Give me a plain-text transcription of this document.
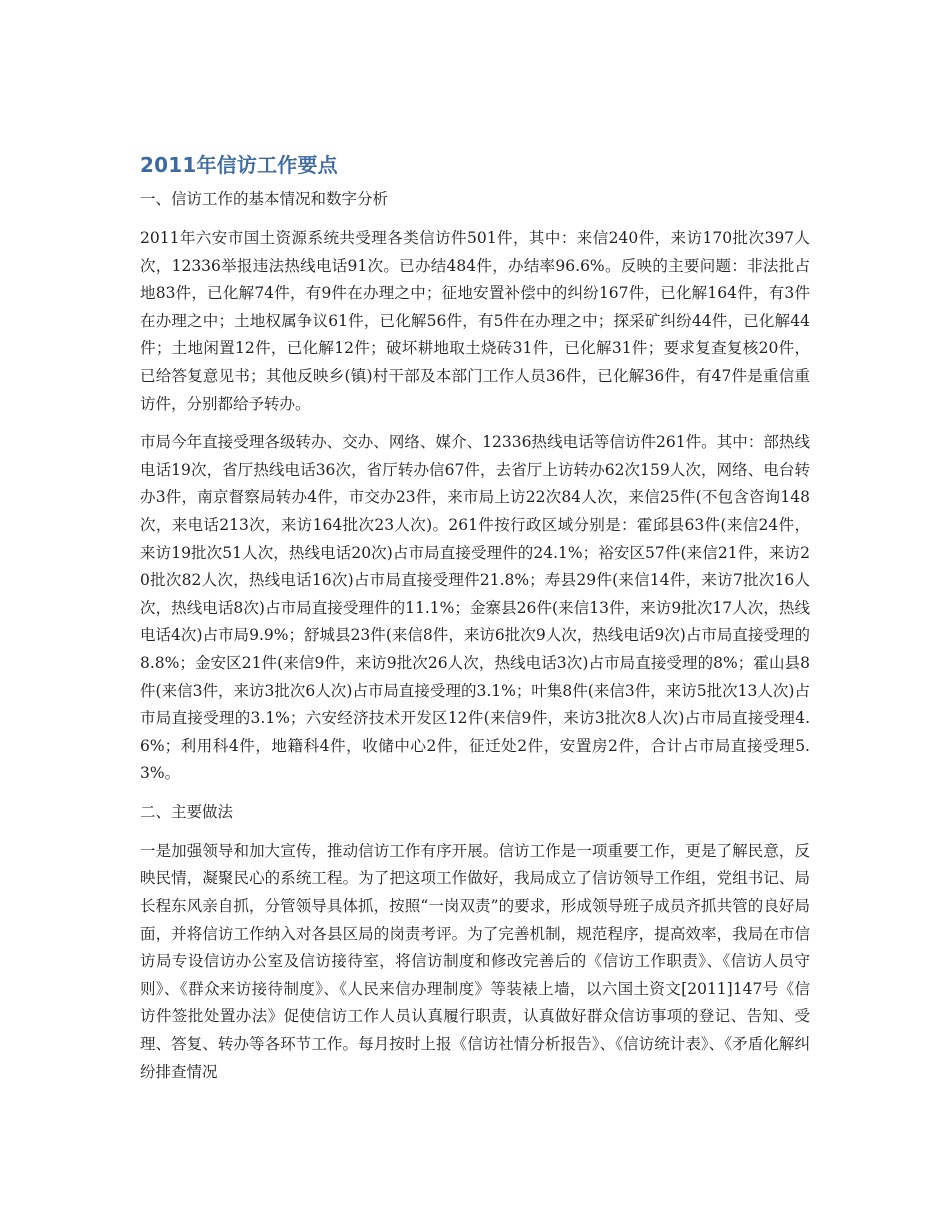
2011年信访工作要点
一、信访工作的基本情况和数字分析

2011年六安市国土资源系统共受理各类信访件501件，其中：来信240件，来访170批次397人次，12336举报违法热线电话91次。已办结484件，办结率96.6%。反映的主要问题：非法批占地83件，已化解74件，有9件在办理之中；征地安置补偿中的纠纷167件，已化解164件，有3件在办理之中；土地权属争议61件，已化解56件，有5件在办理之中；探采矿纠纷44件，已化解44件；土地闲置12件，已化解12件；破坏耕地取土烧砖31件，已化解31件；要求复查复核20件，已给答复意见书；其他反映乡(镇)村干部及本部门工作人员36件，已化解36件，有47件是重信重访件，分别都给予转办。

市局今年直接受理各级转办、交办、网络、媒介、12336热线电话等信访件261件。其中：部热线电话19次，省厅热线电话36次，省厅转办信67件，去省厅上访转办62次159人次，网络、电台转办3件，南京督察局转办4件，市交办23件，来市局上访22次84人次，来信25件(不包含咨询148次，来电话213次，来访164批次23人次)。261件按行政区域分别是：霍邱县63件(来信24件，来访19批次51人次，热线电话20次)占市局直接受理件的24.1%；裕安区57件(来信21件，来访20批次82人次，热线电话16次)占市局直接受理件21.8%；寿县29件(来信14件，来访7批次16人次，热线电话8次)占市局直接受理件的11.1%；金寨县26件(来信13件，来访9批次17人次，热线电话4次)占市局9.9%；舒城县23件(来信8件，来访6批次9人次，热线电话9次)占市局直接受理的8.8%；金安区21件(来信9件，来访9批次26人次，热线电话3次)占市局直接受理的8%；霍山县8件(来信3件，来访3批次6人次)占市局直接受理的3.1%；叶集8件(来信3件，来访5批次13人次)占市局直接受理的3.1%；六安经济技术开发区12件(来信9件，来访3批次8人次)占市局直接受理4.6%；利用科4件，地籍科4件，收储中心2件，征迁处2件，安置房2件，合计占市局直接受理5.3%。

二、主要做法

一是加强领导和加大宣传，推动信访工作有序开展。信访工作是一项重要工作，更是了解民意，反映民情，凝聚民心的系统工程。为了把这项工作做好，我局成立了信访领导工作组，党组书记、局长程东风亲自抓，分管领导具体抓，按照“一岗双责”的要求，形成领导班子成员齐抓共管的良好局面，并将信访工作纳入对各县区局的岗责考评。为了完善机制，规范程序，提高效率，我局在市信访局专设信访办公室及信访接待室，将信访制度和修改完善后的《信访工作职责》、《信访人员守则》、《群众来访接待制度》、《人民来信办理制度》等装裱上墙，以六国土资文[2011]147号《信访件签批处置办法》促使信访工作人员认真履行职责，认真做好群众信访事项的登记、告知、受理、答复、转办等各环节工作。每月按时上报《信访社情分析报告》、《信访统计表》、《矛盾化解纠纷排查情况
